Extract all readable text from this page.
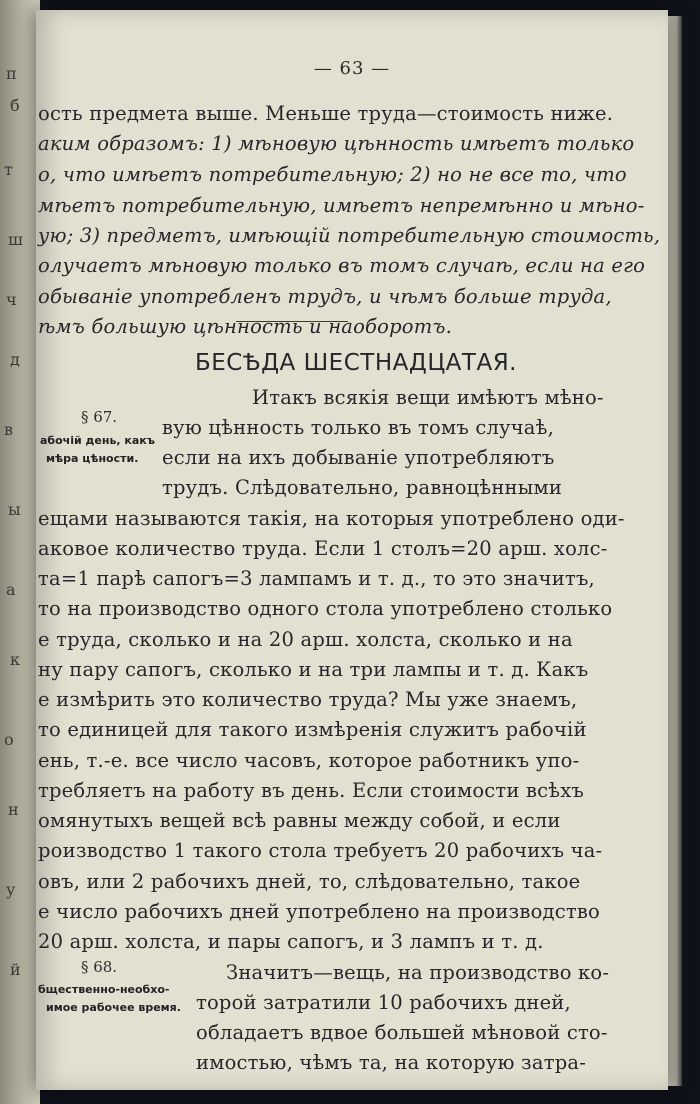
п
б
т
ш
ч
д
в
ы
а
к
о
н
у
й
— 63 —
ость предмета выше. Меньше труда—стоимость ниже.
аким образомъ: 1) мѣновую цѣнность имѣетъ только
о, что имѣетъ потребительную; 2) но не все то, что
мѣетъ потребительную, имѣетъ непремѣнно и мѣно-
ую; 3) предметъ, имѣющій потребительную стоимость,
олучаетъ мѣновую только въ томъ случаѣ, если на его
обываніе употребленъ трудъ, и чѣмъ больше труда,
ѣмъ большую цѣнность и наоборотъ.
БЕСѢДА ШЕСТНАДЦАТАЯ.
§ 67.
абочій день, какъ
мѣра цѣности.
Итакъ всякія вещи имѣютъ мѣно-
вую цѣнность только въ томъ случаѣ,
если на ихъ добываніе употребляютъ
трудъ. Слѣдовательно, равноцѣнными
ещами называются такія, на которыя употреблено оди-
аковое количество труда. Если 1 столъ=20 арш. холс-
та=1 парѣ сапогъ=3 лампамъ и т. д., то это значитъ,
то на производство одного стола употреблено столько
е труда, сколько и на 20 арш. холста, сколько и на
ну пару сапогъ, сколько и на три лампы и т. д. Какъ
е измѣрить это количество труда? Мы уже знаемъ,
то единицей для такого измѣренія служитъ рабочій
ень, т.-е. все число часовъ, которое работникъ упо-
требляетъ на работу въ день. Если стоимости всѣхъ
омянутыхъ вещей всѣ равны между собой, и если
роизводство 1 такого стола требуетъ 20 рабочихъ ча-
овъ, или 2 рабочихъ дней, то, слѣдовательно, такое
е число рабочихъ дней употреблено на производство
20 арш. холста, и пары сапогъ, и 3 лампъ и т. д.
§ 68.
бщественно-необхо-
имое рабочее время.
Значитъ—вещь, на производство ко-
торой затратили 10 рабочихъ дней,
обладаетъ вдвое большей мѣновой сто-
имостью, чѣмъ та, на которую затра-
